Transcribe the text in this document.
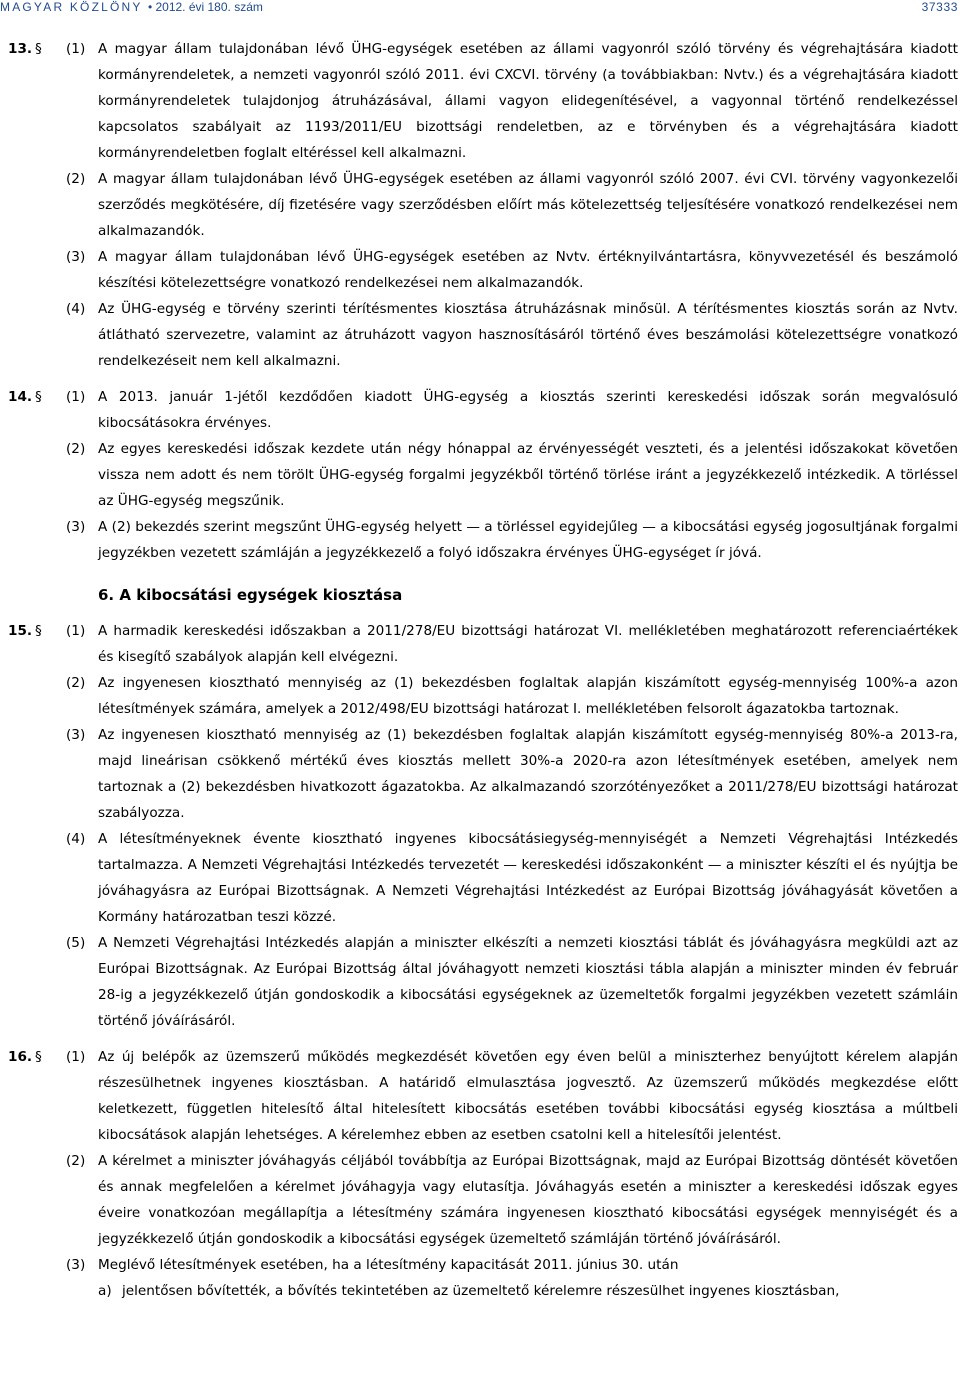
MAGYAR KÖZLÖNY • 2012. évi 180. szám	37333
13. § (1) A magyar állam tulajdonában lévő ÜHG-egységek esetében az állami vagyonról szóló törvény és végrehajtására kiadott kormányrendeletek, a nemzeti vagyonról szóló 2011. évi CXCVI. törvény (a továbbiakban: Nvtv.) és a végrehajtására kiadott kormányrendeletek tulajdonjog átruházásával, állami vagyon elidegenítésével, a vagyonnal történő rendelkezéssel kapcsolatos szabályait az 1193/2011/EU bizottsági rendeletben, az e törvényben és a végrehajtására kiadott kormányrendeletben foglalt eltéréssel kell alkalmazni.
(2) A magyar állam tulajdonában lévő ÜHG-egységek esetében az állami vagyonról szóló 2007. évi CVI. törvény vagyonkezelői szerződés megkötésére, díj fizetésére vagy szerződésben előírt más kötelezettség teljesítésére vonatkozó rendelkezései nem alkalmazandók.
(3) A magyar állam tulajdonában lévő ÜHG-egységek esetében az Nvtv. értéknyilvántartásra, könyvvezetésél és beszámoló készítési kötelezettségre vonatkozó rendelkezései nem alkalmazandók.
(4) Az ÜHG-egység e törvény szerinti térítésmentes kiosztása átruházásnak minősül. A térítésmentes kiosztás során az Nvtv. átlátható szervezetre, valamint az átruházott vagyon hasznosításáról történő éves beszámolási kötelezettségre vonatkozó rendelkezéseit nem kell alkalmazni.
14. § (1) A 2013. január 1-jétől kezdődően kiadott ÜHG-egység a kiosztás szerinti kereskedési időszak során megvalósuló kibocsátásokra érvényes.
(2) Az egyes kereskedési időszak kezdete után négy hónappal az érvényességét veszteti, és a jelentési időszakokat követően vissza nem adott és nem törölt ÜHG-egység forgalmi jegyzékből történő törlése iránt a jegyzékkezelő intézkedik. A törléssel az ÜHG-egység megszűnik.
(3) A (2) bekezdés szerint megszűnt ÜHG-egység helyett — a törléssel egyidejűleg — a kibocsátási egység jogosultjának forgalmi jegyzékben vezetett számláján a jegyzékkezelő a folyó időszakra érvényes ÜHG-egységet ír jóvá.
6. A kibocsátási egységek kiosztása
15. § (1) A harmadik kereskedési időszakban a 2011/278/EU bizottsági határozat VI. mellékletében meghatározott referenciaértékek és kisegítő szabályok alapján kell elvégezni.
(2) Az ingyenesen kiosztható mennyiség az (1) bekezdésben foglaltak alapján kiszámított egység-mennyiség 100%-a azon létesítmények számára, amelyek a 2012/498/EU bizottsági határozat I. mellékletében felsorolt ágazatokba tartoznak.
(3) Az ingyenesen kiosztható mennyiség az (1) bekezdésben foglaltak alapján kiszámított egység-mennyiség 80%-a 2013-ra, majd lineárisan csökkenő mértékű éves kiosztás mellett 30%-a 2020-ra azon létesítmények esetében, amelyek nem tartoznak a (2) bekezdésben hivatkozott ágazatokba. Az alkalmazandó szorzótényezőket a 2011/278/EU bizottsági határozat szabályozza.
(4) A létesítményeknek évente kiosztható ingyenes kibocsátásiegység-mennyiségét a Nemzeti Végrehajtási Intézkedés tartalmazza. A Nemzeti Végrehajtási Intézkedés tervezetét — kereskedési időszakonként — a miniszter készíti el és nyújtja be jóváhagyásra az Európai Bizottságnak. A Nemzeti Végrehajtási Intézkedést az Európai Bizottság jóváhagyását követően a Kormány határozatban teszi közzé.
(5) A Nemzeti Végrehajtási Intézkedés alapján a miniszter elkészíti a nemzeti kiosztási táblát és jóváhagyásra megküldi azt az Európai Bizottságnak. Az Európai Bizottság által jóváhagyott nemzeti kiosztási tábla alapján a miniszter minden év február 28-ig a jegyzékkezelő útján gondoskodik a kibocsátási egységeknek az üzemeltetők forgalmi jegyzékben vezetett számláin történő jóváírásáról.
16. § (1) Az új belépők az üzemszerű működés megkezdését követően egy éven belül a miniszterhez benyújtott kérelem alapján részesülhetnek ingyenes kiosztásban. A határidő elmulasztása jogvesztő. Az üzemszerű működés megkezdése előtt keletkezett, független hitelesítő által hitelesített kibocsátás esetében további kibocsátási egység kiosztása a múltbeli kibocsátások alapján lehetséges. A kérelemhez ebben az esetben csatolni kell a hitelesítői jelentést.
(2) A kérelmet a miniszter jóváhagyás céljából továbbítja az Európai Bizottságnak, majd az Európai Bizottság döntését követően és annak megfelelően a kérelmet jóváhagyja vagy elutasítja. Jóváhagyás esetén a miniszter a kereskedési időszak egyes éveire vonatkozóan megállapítja a létesítmény számára ingyenesen kiosztható kibocsátási egységek mennyiségét és a jegyzékkezelő útján gondoskodik a kibocsátási egységek üzemeltető számláján történő jóváírásáról.
(3) Meglévő létesítmények esetében, ha a létesítmény kapacitását 2011. június 30. után
a) jelentősen bővítették, a bővítés tekintetében az üzemeltető kérelemre részesülhet ingyenes kiosztásban,
